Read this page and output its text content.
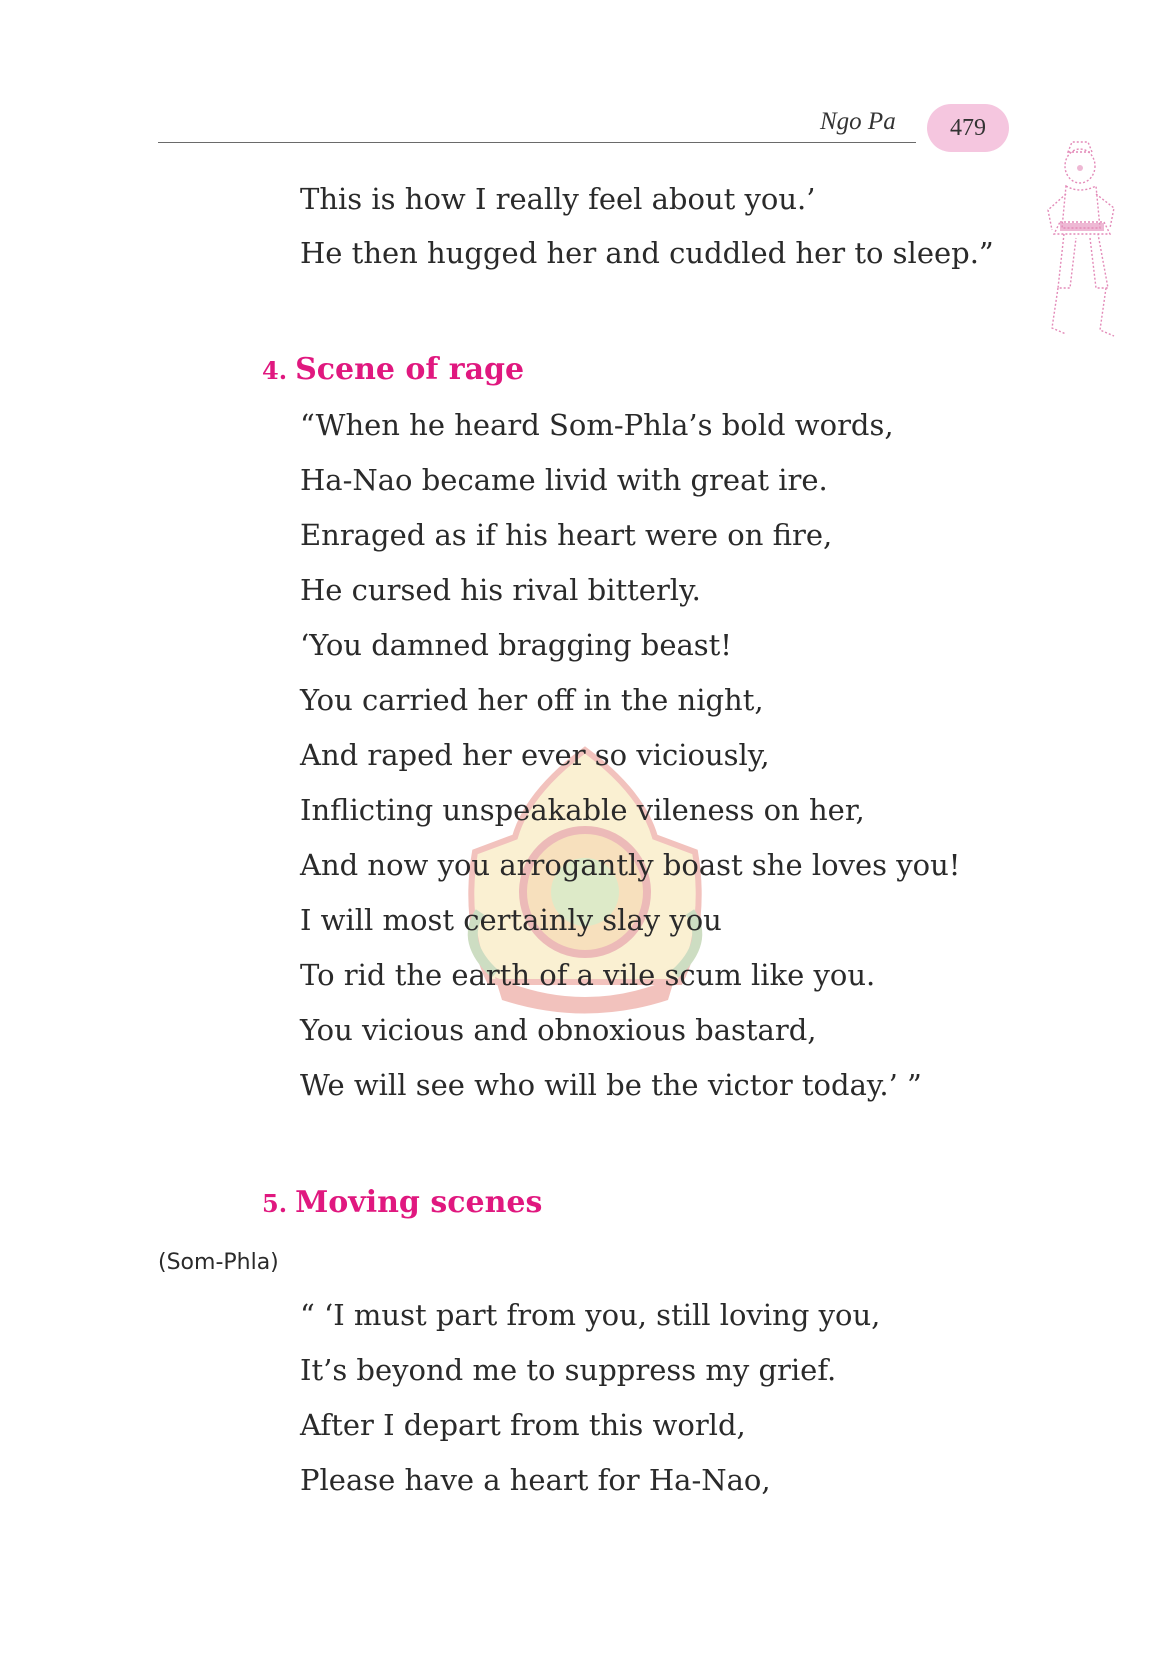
Ngo Pa 479
This is how I really feel about you.’
He then hugged her and cuddled her to sleep.”
4. Scene of rage
“When he heard Som-Phla’s bold words,
Ha-Nao became livid with great ire.
Enraged as if his heart were on fire,
He cursed his rival bitterly.
‘You damned bragging beast!
You carried her off in the night,
And raped her ever so viciously,
Inflicting unspeakable vileness on her,
And now you arrogantly boast she loves you!
I will most certainly slay you
To rid the earth of a vile scum like you.
You vicious and obnoxious bastard,
We will see who will be the victor today.’ ”
5. Moving scenes
(Som-Phla)
“ ‘I must part from you, still loving you,
It’s beyond me to suppress my grief.
After I depart from this world,
Please have a heart for Ha-Nao,
